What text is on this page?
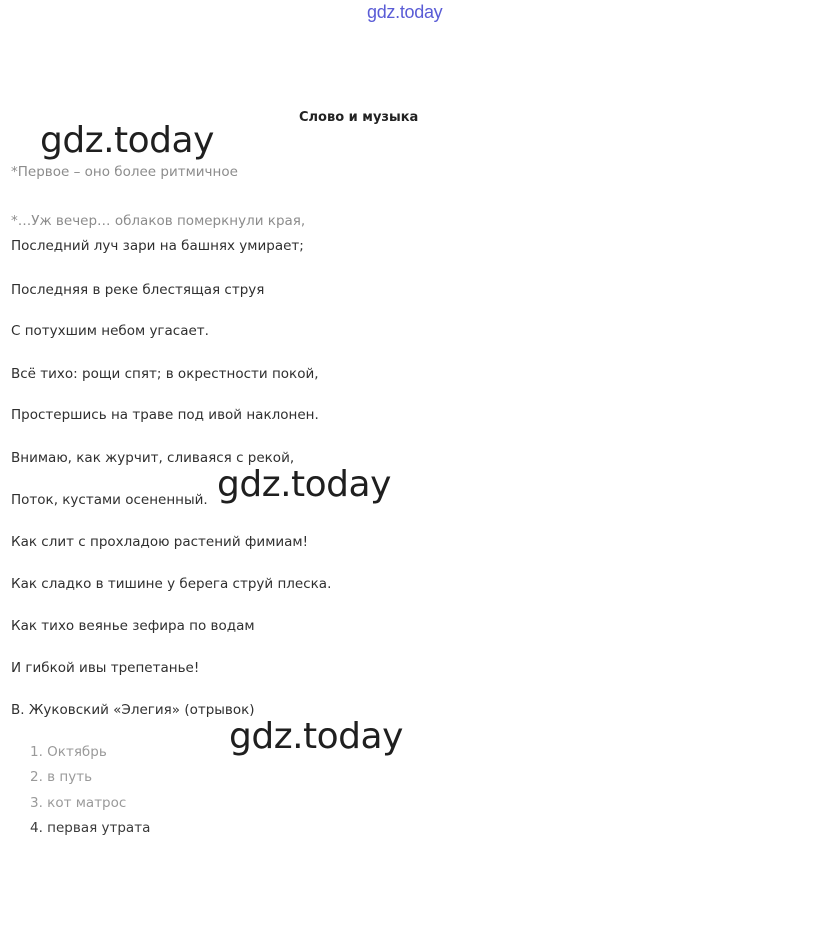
gdz.today
Слово и музыка
gdz.today
*Первое – оно более ритмичное
*…Уж вечер… облаков померкнули края,
Последний луч зари на башнях умирает;
Последняя в реке блестящая струя
С потухшим небом угасает.
Всё тихо: рощи спят; в окрестности покой,
Простершись на траве под ивой наклонен.
Внимаю, как журчит, сливаяся с рекой,
Поток, кустами осененный. gdz.today
Как слит с прохладою растений фимиам!
Как сладко в тишине у берега струй плеска.
Как тихо веянье зефира по водам
И гибкой ивы трепетанье!
В. Жуковский «Элегия» (отрывок)
gdz.today
1. Октябрь
2. в путь
3. кот матрос
4. первая утрата
